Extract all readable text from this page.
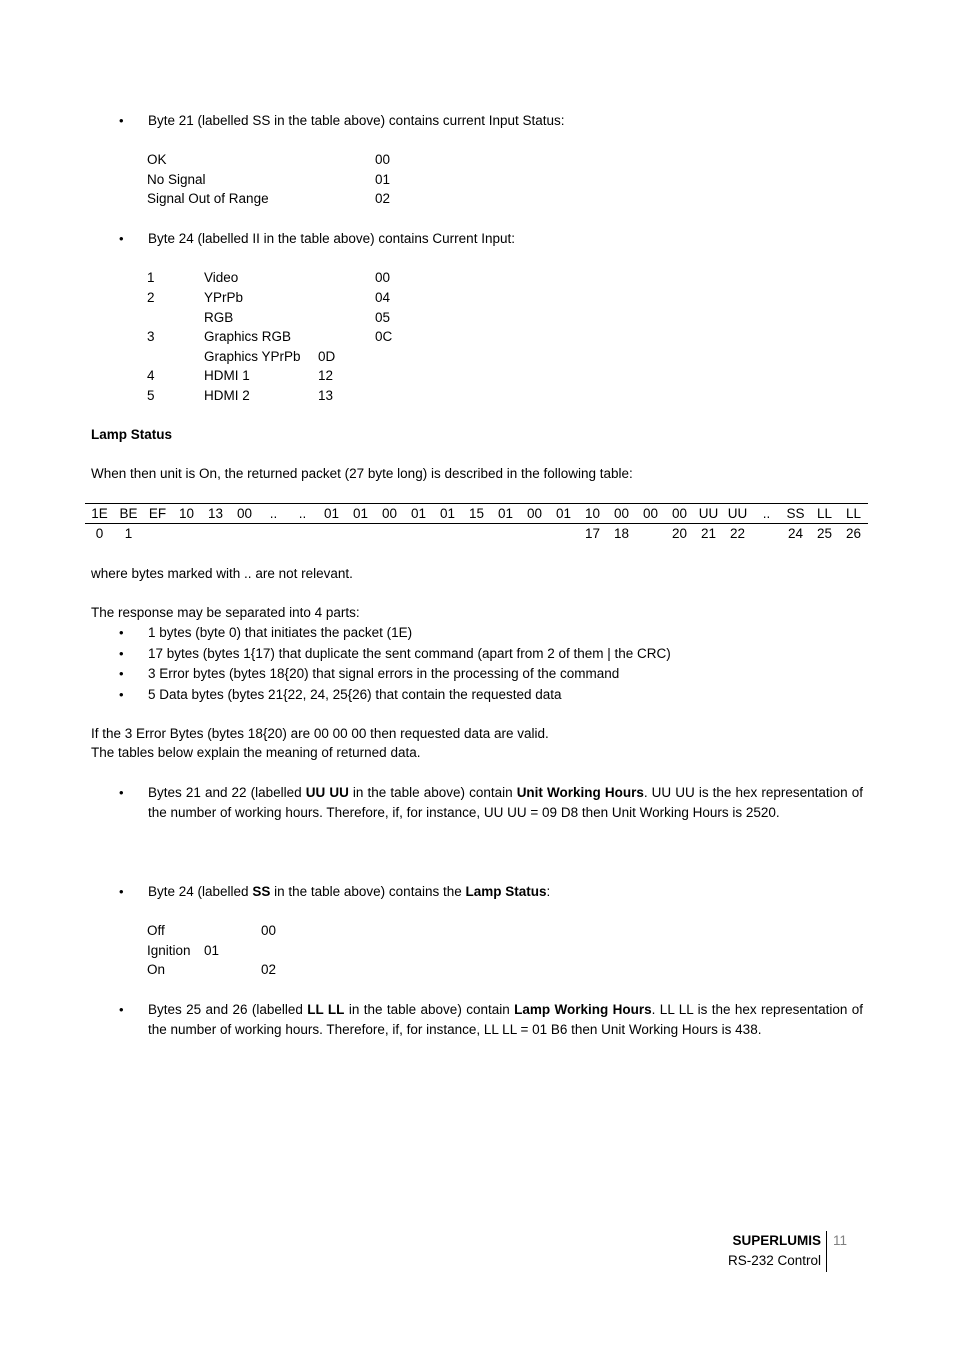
• Byte 21 (labelled SS in the table above) contains current Input Status:
OK	00
No Signal	01
Signal Out of Range	02
• Byte 24 (labelled II in the table above) contains Current Input:
1	Video	00
2	YPrPb	04
RGB	05
3	Graphics RGB	0C
Graphics YPrPb 0D
4	HDMI 1	12
5	HDMI 2	13
Lamp Status
When then unit is On, the returned packet (27 byte long) is described in the following table:
1E	BE	EF	10	13	00	..	..	01	01	00	01	01	15	01	00	01	10	00	00	00	UU	UU	..	SS	LL	LL
0	1																17	18		20	21	22		24	25	26
where bytes marked with .. are not relevant.
The response may be separated into 4 parts:
• 1 bytes (byte 0) that initiates the packet (1E)
• 17 bytes (bytes 1{17) that duplicate the sent command (apart from 2 of them | the CRC)
• 3 Error bytes (bytes 18{20) that signal errors in the processing of the command
• 5 Data bytes (bytes 21{22, 24, 25{26) that contain the requested data
If the 3 Error Bytes (bytes 18{20) are 00 00 00 then requested data are valid.
The tables below explain the meaning of returned data.
• Bytes 21 and 22 (labelled UU UU in the table above) contain Unit Working Hours. UU UU is the hex representation of the number of working hours. Therefore, if, for instance, UU UU = 09 D8 then Unit Working Hours is 2520.
• Byte 24 (labelled SS in the table above) contains the Lamp Status:
Off	00
Ignition 01
On	02
• Bytes 25 and 26 (labelled LL LL in the table above) contain Lamp Working Hours. LL LL is the hex representation of the number of working hours. Therefore, if, for instance, LL LL = 01 B6 then Unit Working Hours is 438.
SUPERLUMIS
RS-232 Control
11
